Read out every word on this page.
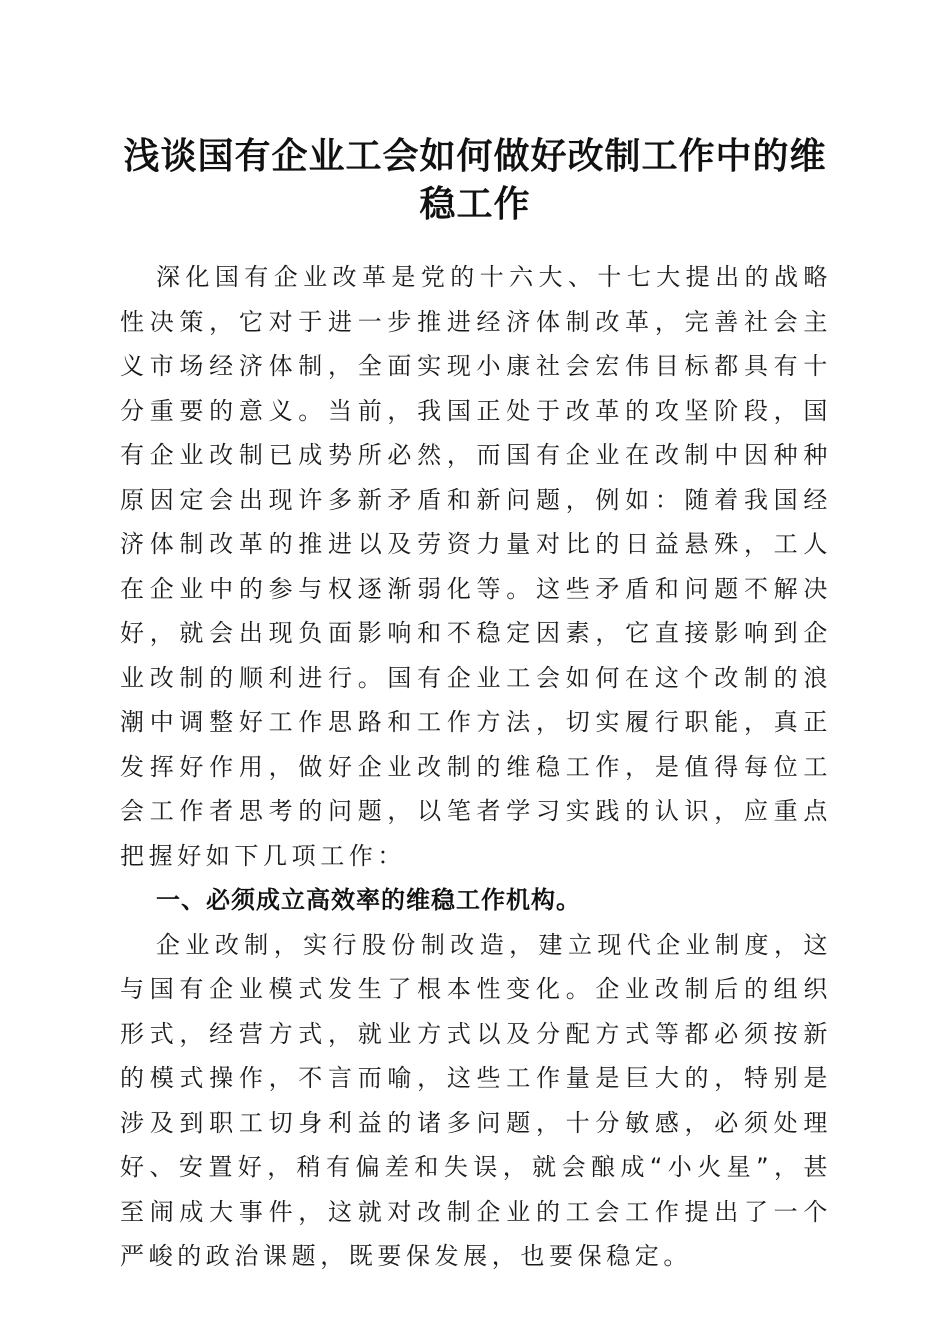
浅谈国有企业工会如何做好改制工作中的维稳工作

深化国有企业改革是党的十六大、十七大提出的战略性决策，它对于进一步推进经济体制改革，完善社会主义市场经济体制，全面实现小康社会宏伟目标都具有十分重要的意义。当前，我国正处于改革的攻坚阶段，国有企业改制已成势所必然，而国有企业在改制中因种种原因定会出现许多新矛盾和新问题，例如：随着我国经济体制改革的推进以及劳资力量对比的日益悬殊，工人在企业中的参与权逐渐弱化等。这些矛盾和问题不解决好，就会出现负面影响和不稳定因素，它直接影响到企业改制的顺利进行。国有企业工会如何在这个改制的浪潮中调整好工作思路和工作方法，切实履行职能，真正发挥好作用，做好企业改制的维稳工作，是值得每位工会工作者思考的问题，以笔者学习实践的认识，应重点把握好如下几项工作：

一、必须成立高效率的维稳工作机构。

企业改制，实行股份制改造，建立现代企业制度，这与国有企业模式发生了根本性变化。企业改制后的组织形式，经营方式，就业方式以及分配方式等都必须按新的模式操作，不言而喻，这些工作量是巨大的，特别是涉及到职工切身利益的诸多问题，十分敏感，必须处理好、安置好，稍有偏差和失误，就会酿成“小火星”，甚至闹成大事件，这就对改制企业的工会工作提出了一个严峻的政治课题，既要保发展，也要保稳定。
